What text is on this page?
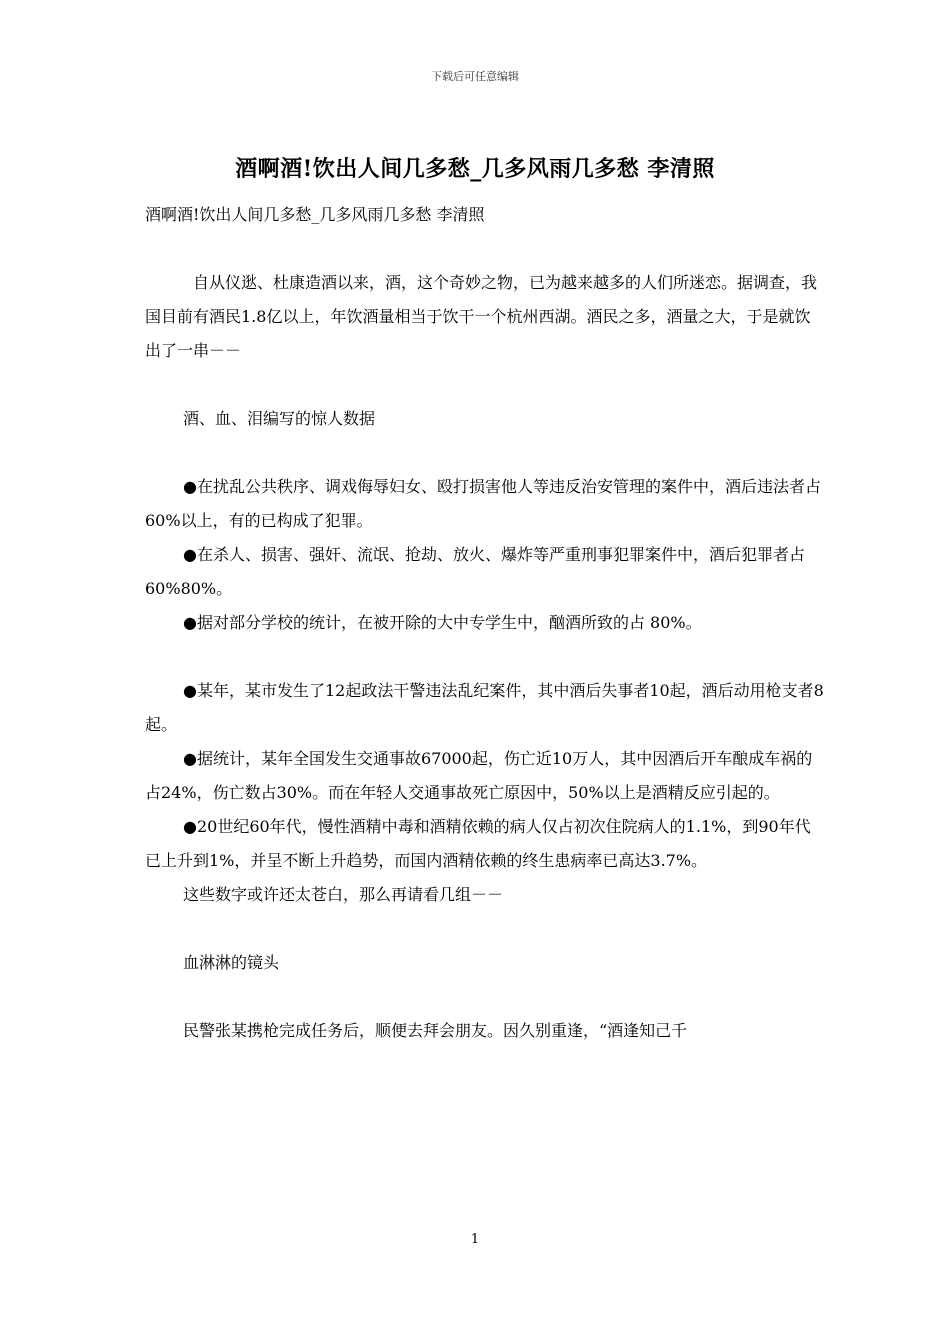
下载后可任意编辑
酒啊酒!饮出人间几多愁_几多风雨几多愁 李清照

酒啊酒!饮出人间几多愁_几多风雨几多愁 李清照

自从仪逖、杜康造酒以来，酒，这个奇妙之物，已为越来越多的人们所迷恋。据调查，我国目前有酒民1.8亿以上，年饮酒量相当于饮干一个杭州西湖。酒民之多，酒量之大，于是就饮出了一串－－

酒、血、泪编写的惊人数据

●在扰乱公共秩序、调戏侮辱妇女、殴打损害他人等违反治安管理的案件中，酒后违法者占60%以上，有的已构成了犯罪。

●在杀人、损害、强奸、流氓、抢劫、放火、爆炸等严重刑事犯罪案件中，酒后犯罪者占60%80%。

●据对部分学校的统计，在被开除的大中专学生中，酗酒所致的占 80%。

●某年，某市发生了12起政法干警违法乱纪案件，其中酒后失事者10起，酒后动用枪支者8起。

●据统计，某年全国发生交通事故67000起，伤亡近10万人，其中因酒后开车酿成车祸的占24%，伤亡数占30%。而在年轻人交通事故死亡原因中，50%以上是酒精反应引起的。

●20世纪60年代，慢性酒精中毒和酒精依赖的病人仅占初次住院病人的1.1%，到90年代已上升到1%，并呈不断上升趋势，而国内酒精依赖的终生患病率已高达3.7%。

这些数字或许还太苍白，那么再请看几组－－

血淋淋的镜头

民警张某携枪完成任务后，顺便去拜会朋友。因久别重逢，“酒逢知己千

1
